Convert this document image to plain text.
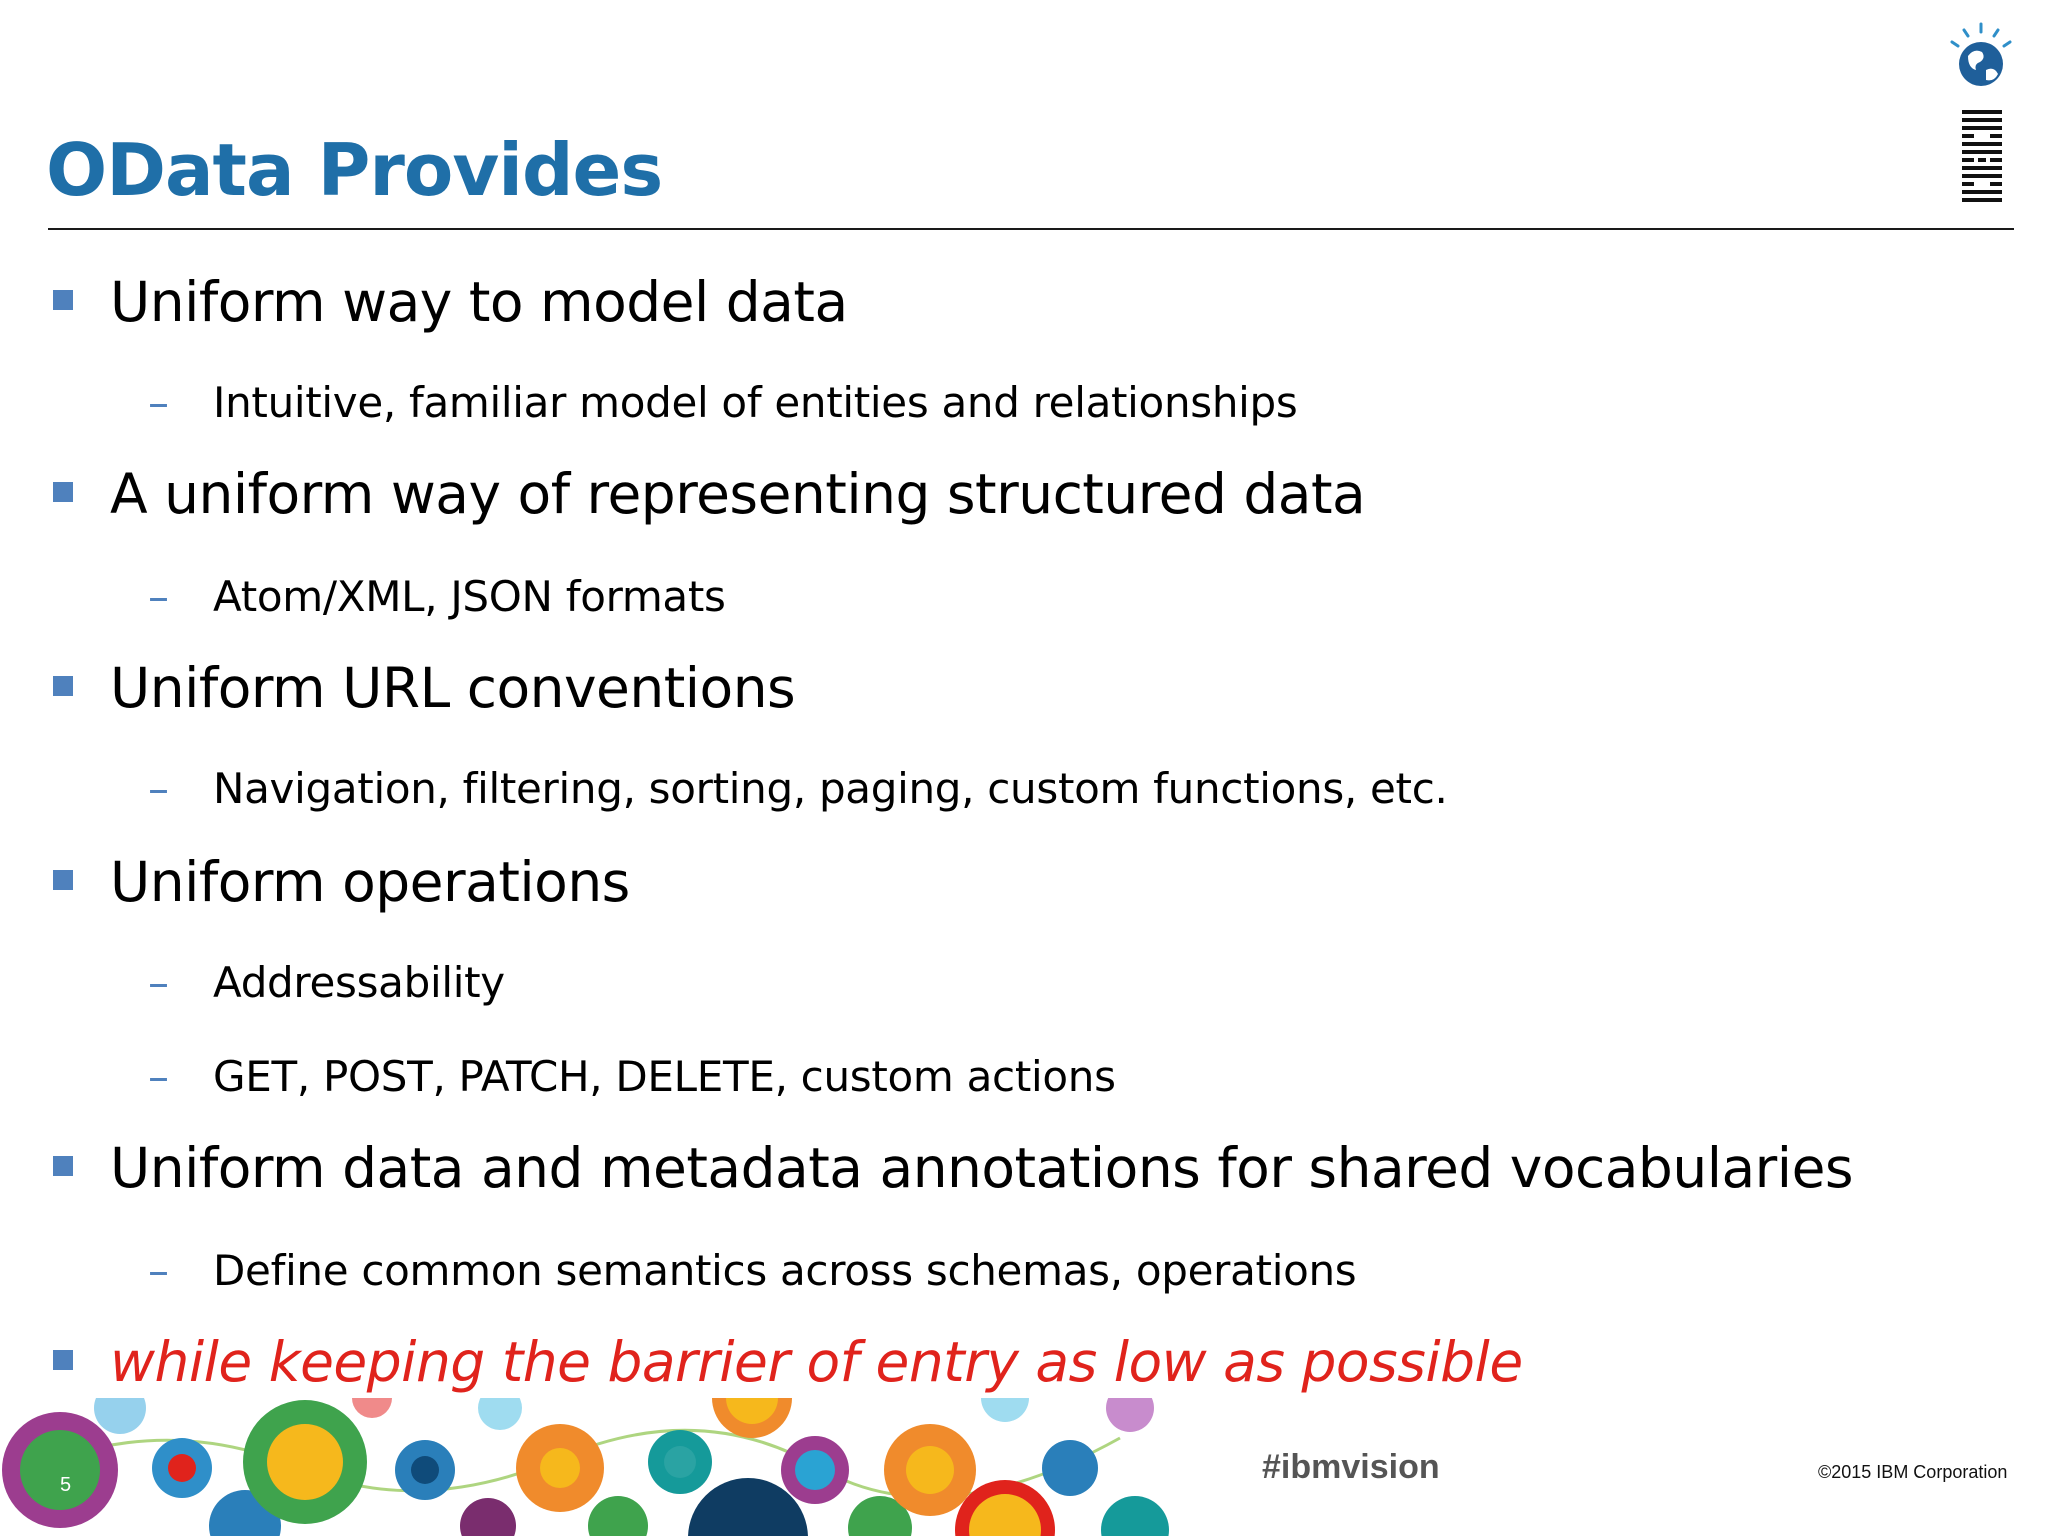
OData Provides
Uniform way to model data
– Intuitive, familiar model of entities and relationships
A uniform way of representing structured data
– Atom/XML, JSON formats
Uniform URL conventions
– Navigation, filtering, sorting, paging, custom functions, etc.
Uniform operations
– Addressability
– GET, POST, PATCH, DELETE, custom actions
Uniform data and metadata annotations for shared vocabularies
– Define common semantics across schemas, operations
while keeping the barrier of entry as low as possible
5	#ibmvision	©2015 IBM Corporation
